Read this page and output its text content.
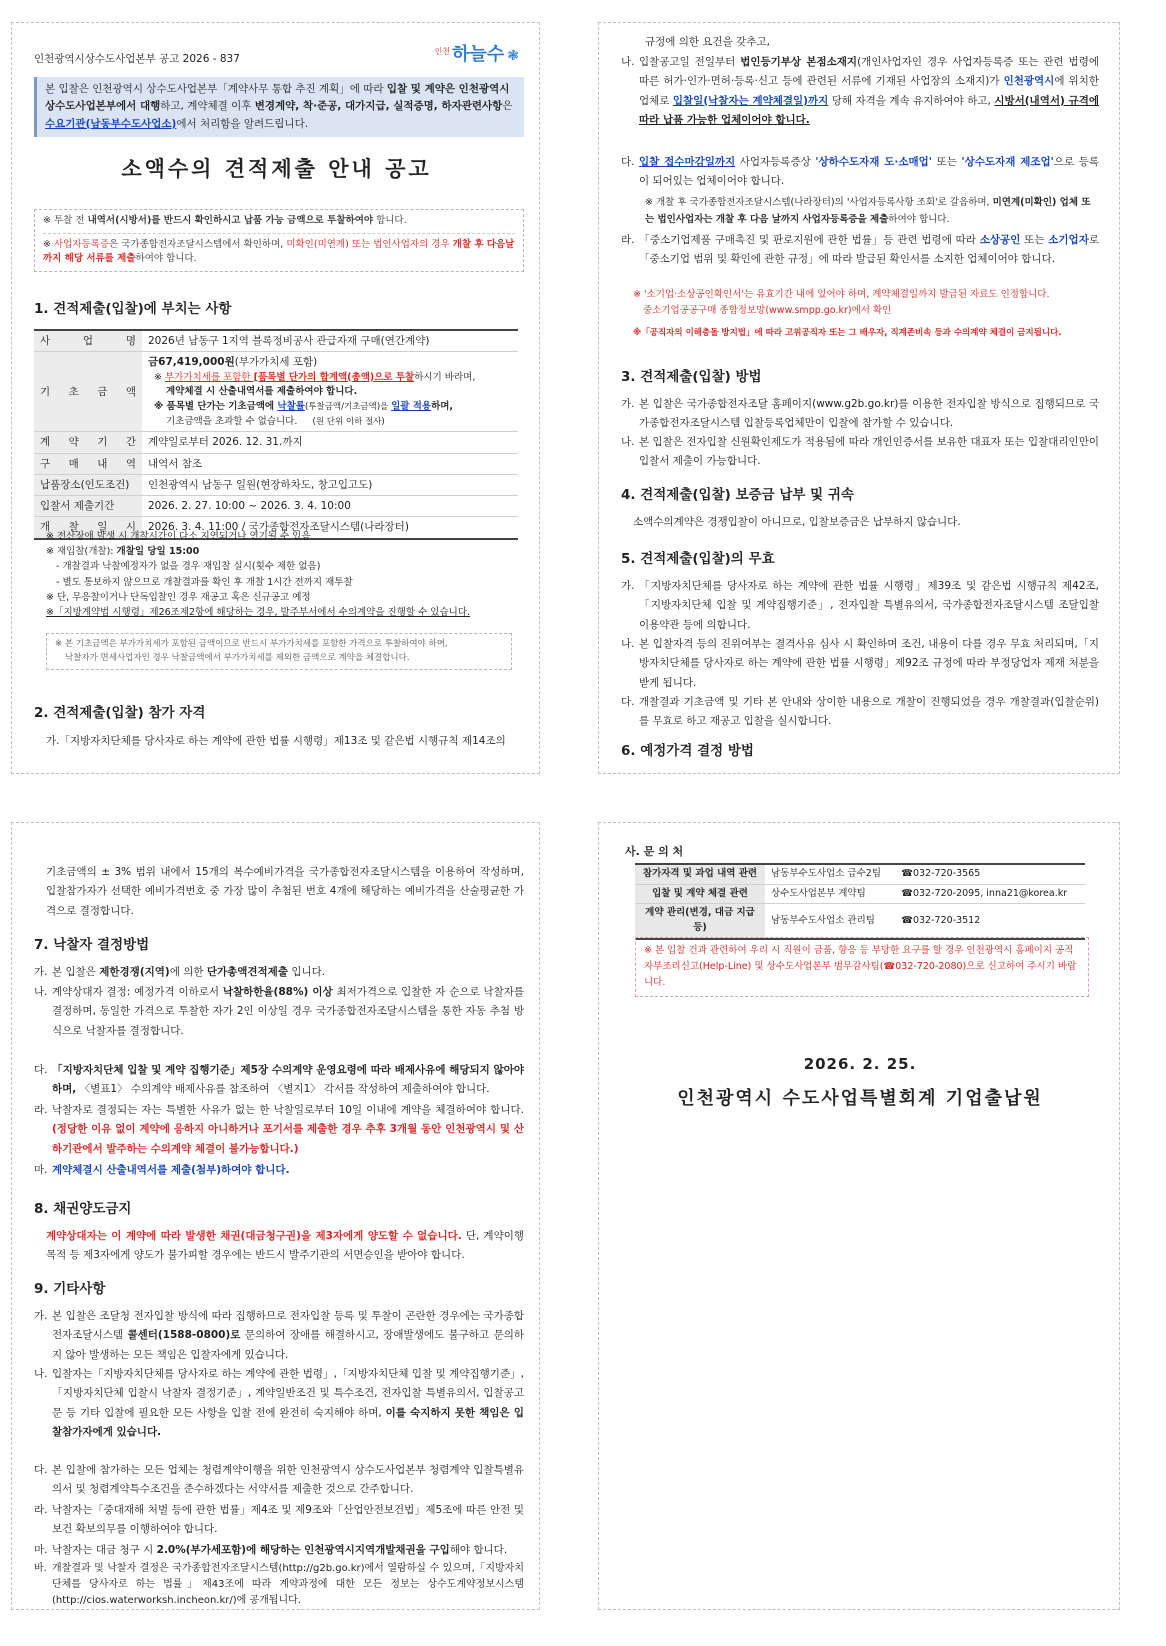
인천광역시상수도사업본부 공고 2026 - 837
$^{인천}$ 하늘수 ❃
본 입찰은 인천광역시 상수도사업본부「계약사무 통합 추진 계획」에 따라 입찰 및 계약은 인천광역시 상수도사업본부에서 대행하고, 계약체결 이후 변경계약, 착·준공, 대가지급, 실적증명, 하자관련사항은 수요기관(남동부수도사업소)에서 처리함을 알려드립니다.
소액수의 견적제출 안내 공고
※ 투찰 전 내역서(시방서)를 반드시 확인하시고 납품 가능 금액으로 투찰하여야 합니다.
※ 사업자등록증은 국가종합전자조달시스템에서 확인하며, 미확인(미연계) 또는 법인사업자의 경우 개찰 후 다음날까지 해당 서류를 제출하여야 합니다.
1. 견적제출(입찰)에 부치는 사항
사 업 명	2026년 남동구 1지역 블록정비공사 관급자재 구매(연간계약)
기 초 금 액	금67,419,000원(부가가치세 포함)
※ 부가가치세를 포함한 [품목별 단가의 합계액(총액)으로 투찰하시기 바라며,
계약체결 시 산출내역서를 제출하여야 합니다.
※ 품목별 단가는 기초금액에 낙찰률(투찰금액/기초금액)을 일괄 적용하며,
기초금액을 초과할 수 없습니다. (원 단위 이하 절사)

계 약 기 간	계약일로부터 2026. 12. 31.까지
구 매 내 역	내역서 참조
납품장소(인도조건)	인천광역시 남동구 일원(현장하차도, 창고입고도)
입찰서 제출기간	2026. 2. 27. 10:00 ~ 2026. 3. 4. 10:00
개 찰 일 시	2026. 3. 4. 11:00 / 국가종합전자조달시스템(나라장터)
※ 전산장애 발생 시 개찰시간이 다소 지연되거나 연기될 수 있음
※ 재입찰(개찰): 개찰일 당일 15:00
- 개찰결과 낙찰예정자가 없을 경우 재입찰 실시(횟수 제한 없음)
- 별도 통보하지 않으므로 개찰결과를 확인 후 개찰 1시간 전까지 재투찰
※ 단, 무응찰이거나 단독입찰인 경우 재공고 혹은 신규공고 예정
※「지방계약법 시행령」제26조제2항에 해당하는 경우, 발주부서에서 수의계약을 진행할 수 있습니다.
※ 본 기초금액은 부가가치세가 포함된 금액이므로 반드시 부가가치세를 포함한 가격으로 투찰하여야 하며,
낙찰자가 면세사업자인 경우 낙찰금액에서 부가가치세를 제외한 금액으로 계약을 체결합니다.
2. 견적제출(입찰) 참가 자격
가.「지방자치단체를 당사자로 하는 계약에 관한 법률 시행령」제13조 및 같은법 시행규칙 제14조의
규정에 의한 요건을 갖추고,
나. 입찰공고일 전일부터 법인등기부상 본점소재지(개인사업자인 경우 사업자등록증 또는 관련 법령에 따른 허가·인가·면허·등록·신고 등에 관련된 서류에 기재된 사업장의 소재지)가 인천광역시에 위치한 업체로 입찰일(낙찰자는 계약체결일)까지 당해 자격을 계속 유지하여야 하고, 시방서(내역서) 규격에 따라 납품 가능한 업체이어야 합니다.
다. 입찰 접수마감일까지 사업자등록증상 '상하수도자재 도·소매업' 또는 '상수도자재 제조업'으로 등록이 되어있는 업체이어야 합니다.
※ 개찰 후 국가종합전자조달시스템(나라장터)의 '사업자등록사항 조회'로 갈음하며, 미연계(미확인) 업체 또는 법인사업자는 개찰 후 다음 날까지 사업자등록증을 제출하여야 합니다.
라. 「중소기업제품 구매촉진 및 판로지원에 관한 법률」등 관련 법령에 따라 소상공인 또는 소기업자로「중소기업 범위 및 확인에 관한 규정」에 따라 발급된 확인서를 소지한 업체이어야 합니다.
※ '소기업·소상공인확인서'는 유효기간 내에 있어야 하며, 계약체결일까지 발급된 자료도 인정합니다.
중소기업공공구매 종합정보망(www.smpp.go.kr)에서 확인
※「공직자의 이해충돌 방지법」에 따라 고위공직자 또는 그 배우자, 직계존비속 등과 수의계약 체결이 금지됩니다.
3. 견적제출(입찰) 방법
가. 본 입찰은 국가종합전자조달 홈페이지(www.g2b.go.kr)를 이용한 전자입찰 방식으로 집행되므로 국가종합전자조달시스템 입찰등록업체만이 입찰에 참가할 수 있습니다.
나. 본 입찰은 전자입찰 신원확인제도가 적용됨에 따라 개인인증서를 보유한 대표자 또는 입찰대리인만이 입찰서 제출이 가능합니다.
4. 견적제출(입찰) 보증금 납부 및 귀속
소액수의계약은 경쟁입찰이 아니므로, 입찰보증금은 납부하지 않습니다.
5. 견적제출(입찰)의 무효
가. 「지방자치단체를 당사자로 하는 계약에 관한 법률 시행령」제39조 및 같은법 시행규칙 제42조,「지방자치단체 입찰 및 계약집행기준」, 전자입찰 특별유의서, 국가종합전자조달시스템 조달입찰 이용약관 등에 의합니다.
나. 본 입찰자격 등의 진위여부는 결격사유 심사 시 확인하며 조건, 내용이 다를 경우 무효 처리되며,「지방자치단체를 당사자로 하는 계약에 관한 법률 시행령」제92조 규정에 따라 부정당업자 제재 처분을 받게 됩니다.
다. 개찰결과 기초금액 및 기타 본 안내와 상이한 내용으로 개찰이 진행되었을 경우 개찰결과(입찰순위)를 무효로 하고 재공고 입찰을 실시합니다.
6. 예정가격 결정 방법
기초금액의 ± 3% 범위 내에서 15개의 복수예비가격을 국가종합전자조달시스템을 이용하여 작성하며, 입찰참가자가 선택한 예비가격번호 중 가장 많이 추첨된 번호 4개에 해당하는 예비가격을 산술평균한 가격으로 결정합니다.
7. 낙찰자 결정방법
가. 본 입찰은 제한경쟁(지역)에 의한 단가총액견적제출 입니다.
나. 계약상대자 결정: 예정가격 이하로서 낙찰하한율(88%) 이상 최저가격으로 입찰한 자 순으로 낙찰자를 결정하며, 동일한 가격으로 투찰한 자가 2인 이상일 경우 국가종합전자조달시스템을 통한 자동 추첨 방식으로 낙찰자를 결정합니다.
다. 「지방자치단체 입찰 및 계약 집행기준」제5장 수의계약 운영요령에 따라 배제사유에 해당되지 않아야 하며, 〈별표1〉 수의계약 배제사유를 참조하여 〈별지1〉 각서를 작성하여 제출하여야 합니다.
라. 낙찰자로 결정되는 자는 특별한 사유가 없는 한 낙찰일로부터 10일 이내에 계약을 체결하여야 합니다. (정당한 이유 없이 계약에 응하지 아니하거나 포기서를 제출한 경우 추후 3개월 동안 인천광역시 및 산하기관에서 발주하는 수의계약 체결이 불가능합니다.)
마. 계약체결시 산출내역서를 제출(첨부)하여야 합니다.
8. 채권양도금지
계약상대자는 이 계약에 따라 발생한 채권(대금청구권)을 제3자에게 양도할 수 없습니다. 단, 계약이행 목적 등 제3자에게 양도가 불가피할 경우에는 반드시 발주기관의 서면승인을 받아야 합니다.
9. 기타사항
가. 본 입찰은 조달청 전자입찰 방식에 따라 집행하므로 전자입찰 등록 및 투찰이 곤란한 경우에는 국가종합전자조달시스템 콜센터(1588-0800)로 문의하여 장애를 해결하시고, 장애발생에도 불구하고 문의하지 않아 발생하는 모든 책임은 입찰자에게 있습니다.
나. 입찰자는「지방자치단체를 당사자로 하는 계약에 관한 법령」,「지방자치단체 입찰 및 계약집행기준」,「지방자치단체 입찰시 낙찰자 결정기준」, 계약일반조건 및 특수조건, 전자입찰 특별유의서, 입찰공고문 등 기타 입찰에 필요한 모든 사항을 입찰 전에 완전히 숙지해야 하며, 이를 숙지하지 못한 책임은 입찰참가자에게 있습니다.
다. 본 입찰에 참가하는 모든 업체는 청렴계약이행을 위한 인천광역시 상수도사업본부 청렴계약 입찰특별유의서 및 청렴계약특수조건을 준수하겠다는 서약서를 제출한 것으로 간주합니다.
라. 낙찰자는「중대재해 처벌 등에 관한 법률」제4조 및 제9조와「산업안전보건법」제5조에 따른 안전 및 보건 확보의무를 이행하여야 합니다.
마. 낙찰자는 대금 청구 시 2.0%(부가세포함)에 해당하는 인천광역시지역개발채권을 구입해야 합니다.
바. 개찰결과 및 낙찰자 결정은 국가종합전자조달시스템(http://g2b.go.kr)에서 열람하실 수 있으며,「지방자치단체를 당사자로 하는 법률」제43조에 따라 계약과정에 대한 모든 정보는 상수도계약정보시스템(http://cios.waterworksh.incheon.kr/)에 공개됩니다.
사. 문 의 처
참가자격 및 과업 내역 관련	남동부수도사업소 급수2팀	☎032-720-3565
입찰 및 계약 체결 관련	상수도사업본부 계약팀	☎032-720-2095, inna21@korea.kr
계약 관리(변경, 대금 지급 등)	남동부수도사업소 관리팀	☎032-720-3512
※ 본 입찰 건과 관련하여 우리 시 직원이 금품, 향응 등 부당한 요구를 할 경우 인천광역시 홈페이지 공직자부조리신고(Help-Line) 및 상수도사업본부 범무감사팀(☎032-720-2080)으로 신고하여 주시기 바랍니다.
2026. 2. 25.
인천광역시 수도사업특별회계 기업출납원
